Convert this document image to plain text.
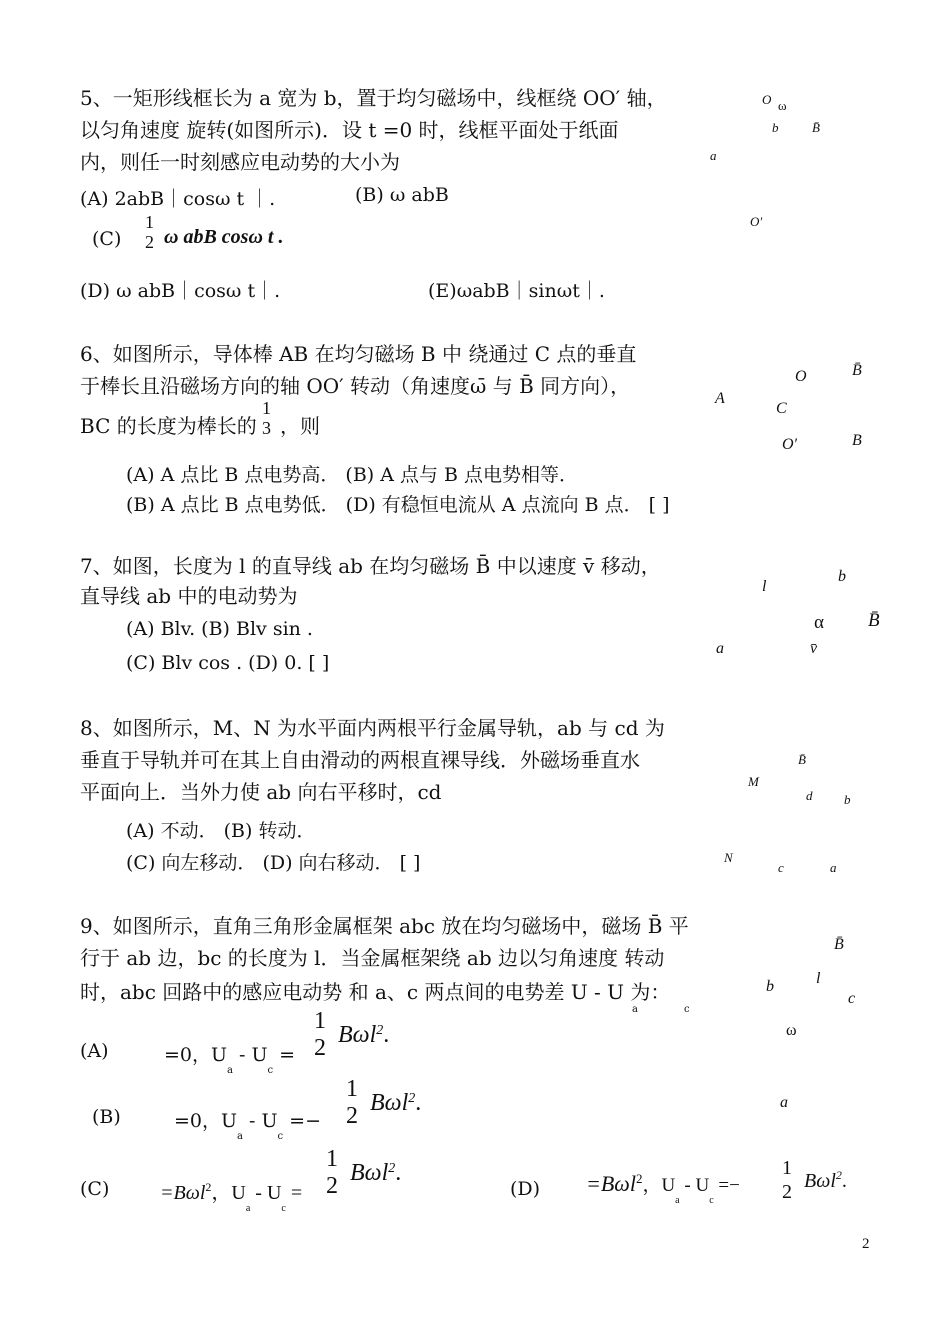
5、一矩形线框长为 a 宽为 b，置于均匀磁场中，线框绕 OO′ 轴，
以匀角速度 旋转(如图所示)．设 t =0 时，线框平面处于纸面
内，则任一时刻感应电动势的大小为
(A) 2abB｜cosω t ｜.	(B) ω abB
(C)
1
2 ω abB cosω t .
(D) ω abB｜cosω t｜.	(E)ωabB｜sinωt｜.
O ω
b	B̄
a
O′
6、如图所示，导体棒 AB 在均匀磁场 B 中 绕通过 C 点的垂直
于棒长且沿磁场方向的轴 OO′ 转动（角速度ω̄ 与 B̄ 同方向），
BC 的长度为棒长的
1
3 ，则
(A) A 点比 B 点电势高． (B) A 点与 B 点电势相等．
(B) A 点比 B 点电势低． (D) 有稳恒电流从 A 点流向 B 点． [ ]
O	B̄
A
C
O′	B
7、如图，长度为 l 的直导线 ab 在均匀磁场 B̄ 中以速度 v̄ 移动，
直导线 ab 中的电动势为
(A) Blv. (B) Blv sin .
(C) Blv cos . (D) 0. [ ]
l
b
α B̄
a	v̄
8、如图所示，M、N 为水平面内两根平行金属导轨，ab 与 cd 为
垂直于导轨并可在其上自由滑动的两根直裸导线．外磁场垂直水
平面向上．当外力使 ab 向右平移时，cd
(A) 不动． (B) 转动．
(C) 向左移动． (D) 向右移动． [ ]
B̄
M
d b
N
c	a
9、如图所示，直角三角形金属框架 abc 放在均匀磁场中，磁场 B̄ 平
行于 ab 边，bc 的长度为 l．当金属框架绕 ab 边以匀角速度 转动
时，abc 回路中的感应电动势 和 a、c 两点间的电势差 U - U 为：
a	c
(A)	=0，$U_a - U_c$ =
1
2 Bωl$^2$.
(B)	=0，$U_a - U_c$ =−
1
2 Bωl$^2$.
(C)	=Bωl$^2$，$U_a - U_c$ =
1
2 Bωl$^2$.
(D) =Bωl$^2$，$U_a - U_c$ =−
1
2 Bωl$^2$.
B̄
b	l
c
ω
a
2
